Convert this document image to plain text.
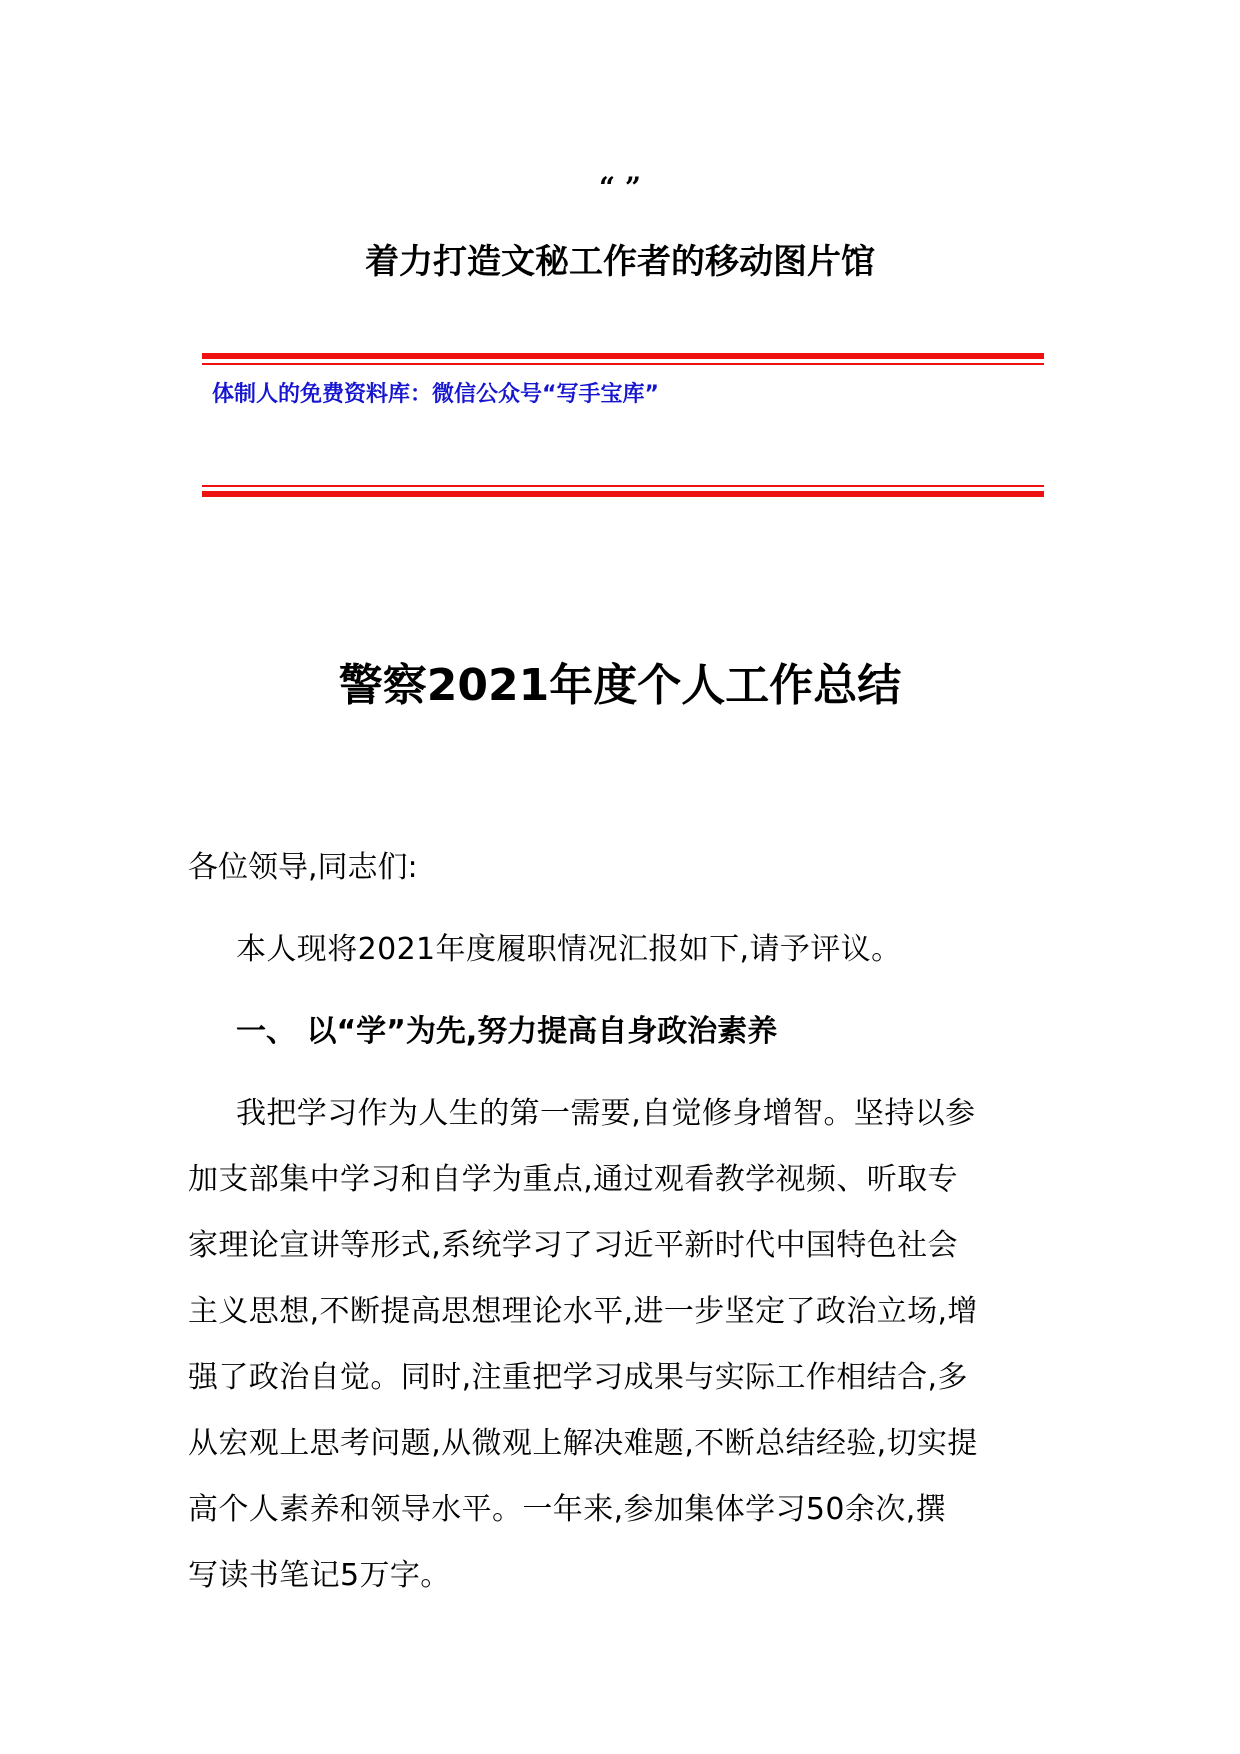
“ ”
着力打造文秘工作者的移动图片馆
体制人的免费资料库：微信公众号“写手宝库”
警察2021年度个人工作总结
各位领导,同志们:
本人现将2021年度履职情况汇报如下,请予评议。
一、 以“学”为先,努力提高自身政治素养
我把学习作为人生的第一需要,自觉修身增智。坚持以参
加支部集中学习和自学为重点,通过观看教学视频、听取专
家理论宣讲等形式,系统学习了习近平新时代中国特色社会
主义思想,不断提高思想理论水平,进一步坚定了政治立场,增
强了政治自觉。同时,注重把学习成果与实际工作相结合,多
从宏观上思考问题,从微观上解决难题,不断总结经验,切实提
高个人素养和领导水平。一年来,参加集体学习50余次,撰
写读书笔记5万字。
